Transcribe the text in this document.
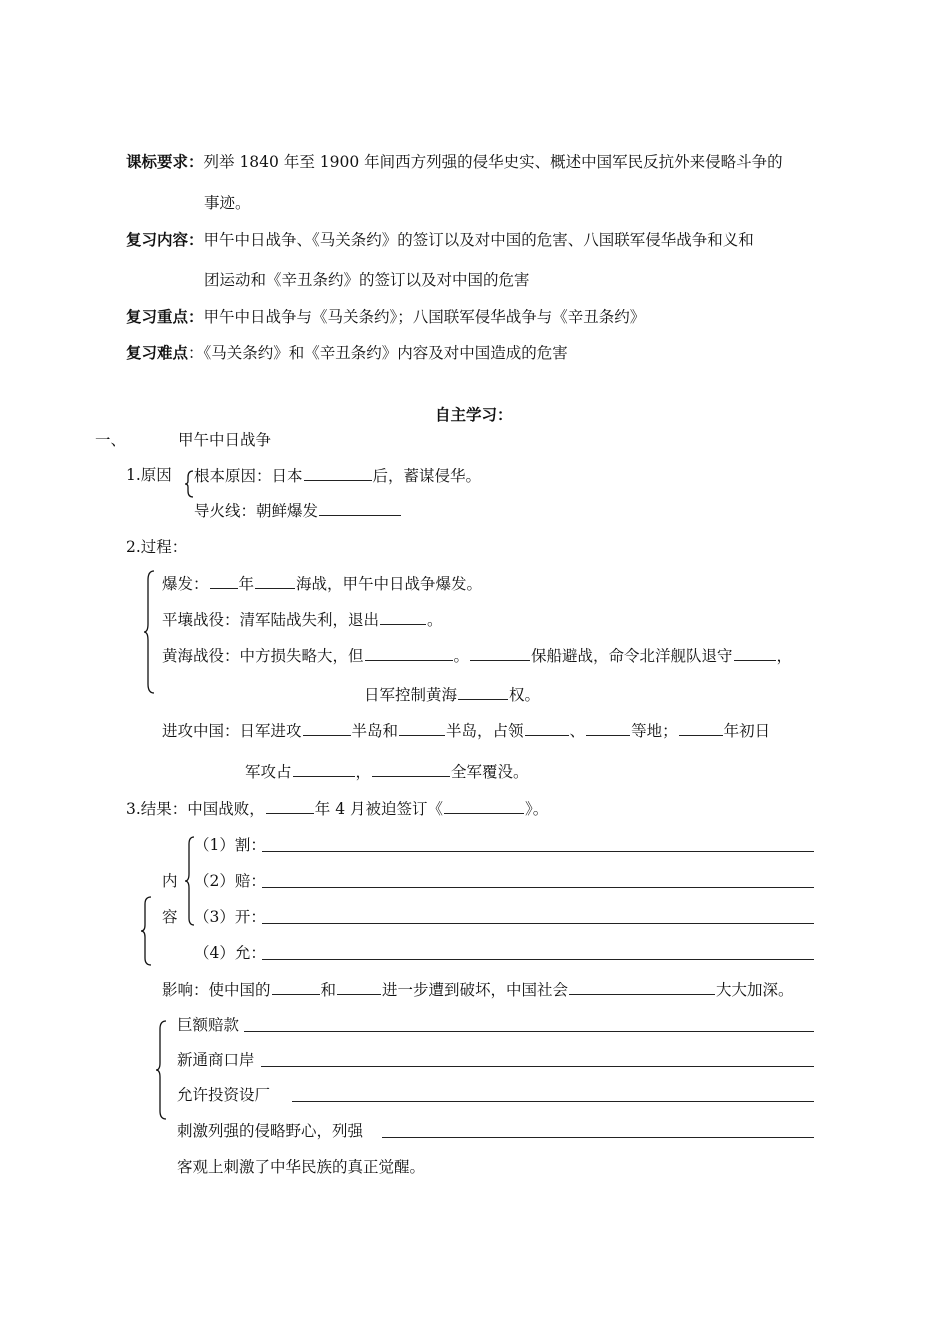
课标要求：列举 1840 年至 1900 年间西方列强的侵华史实、概述中国军民反抗外来侵略斗争的
事迹。
复习内容：甲午中日战争、《马关条约》的签订以及对中国的危害、八国联军侵华战争和义和
团运动和《辛丑条约》的签订以及对中国的危害
复习重点：甲午中日战争与《马关条约》；八国联军侵华战争与《辛丑条约》
复习难点：《马关条约》和《辛丑条约》内容及对中国造成的危害
自主学习：
一、	甲午中日战争
1.原因 根本原因：日本	后，蓄谋侵华。
导火线：朝鲜爆发
2.过程：
爆发： 年	海战，甲午中日战争爆发。
平壤战役：清军陆战失利，退出	。
黄海战役：中方损失略大，但	。	保船避战，命令北洋舰队退守	，
日军控制黄海	权。
进攻中国：日军进攻	半岛和	半岛，占领	、	等地；	年初日
军攻占	，	全军覆没。
3.结果：中国战败，	年 4 月被迫签订《	》。
内
容
（1）割：
（2）赔：
（3）开：
（4）允：
影响：使中国的	和	进一步遭到破坏，中国社会	大大加深。
巨额赔款
新通商口岸
允许投资设厂
刺激列强的侵略野心，列强
客观上刺激了中华民族的真正觉醒。
